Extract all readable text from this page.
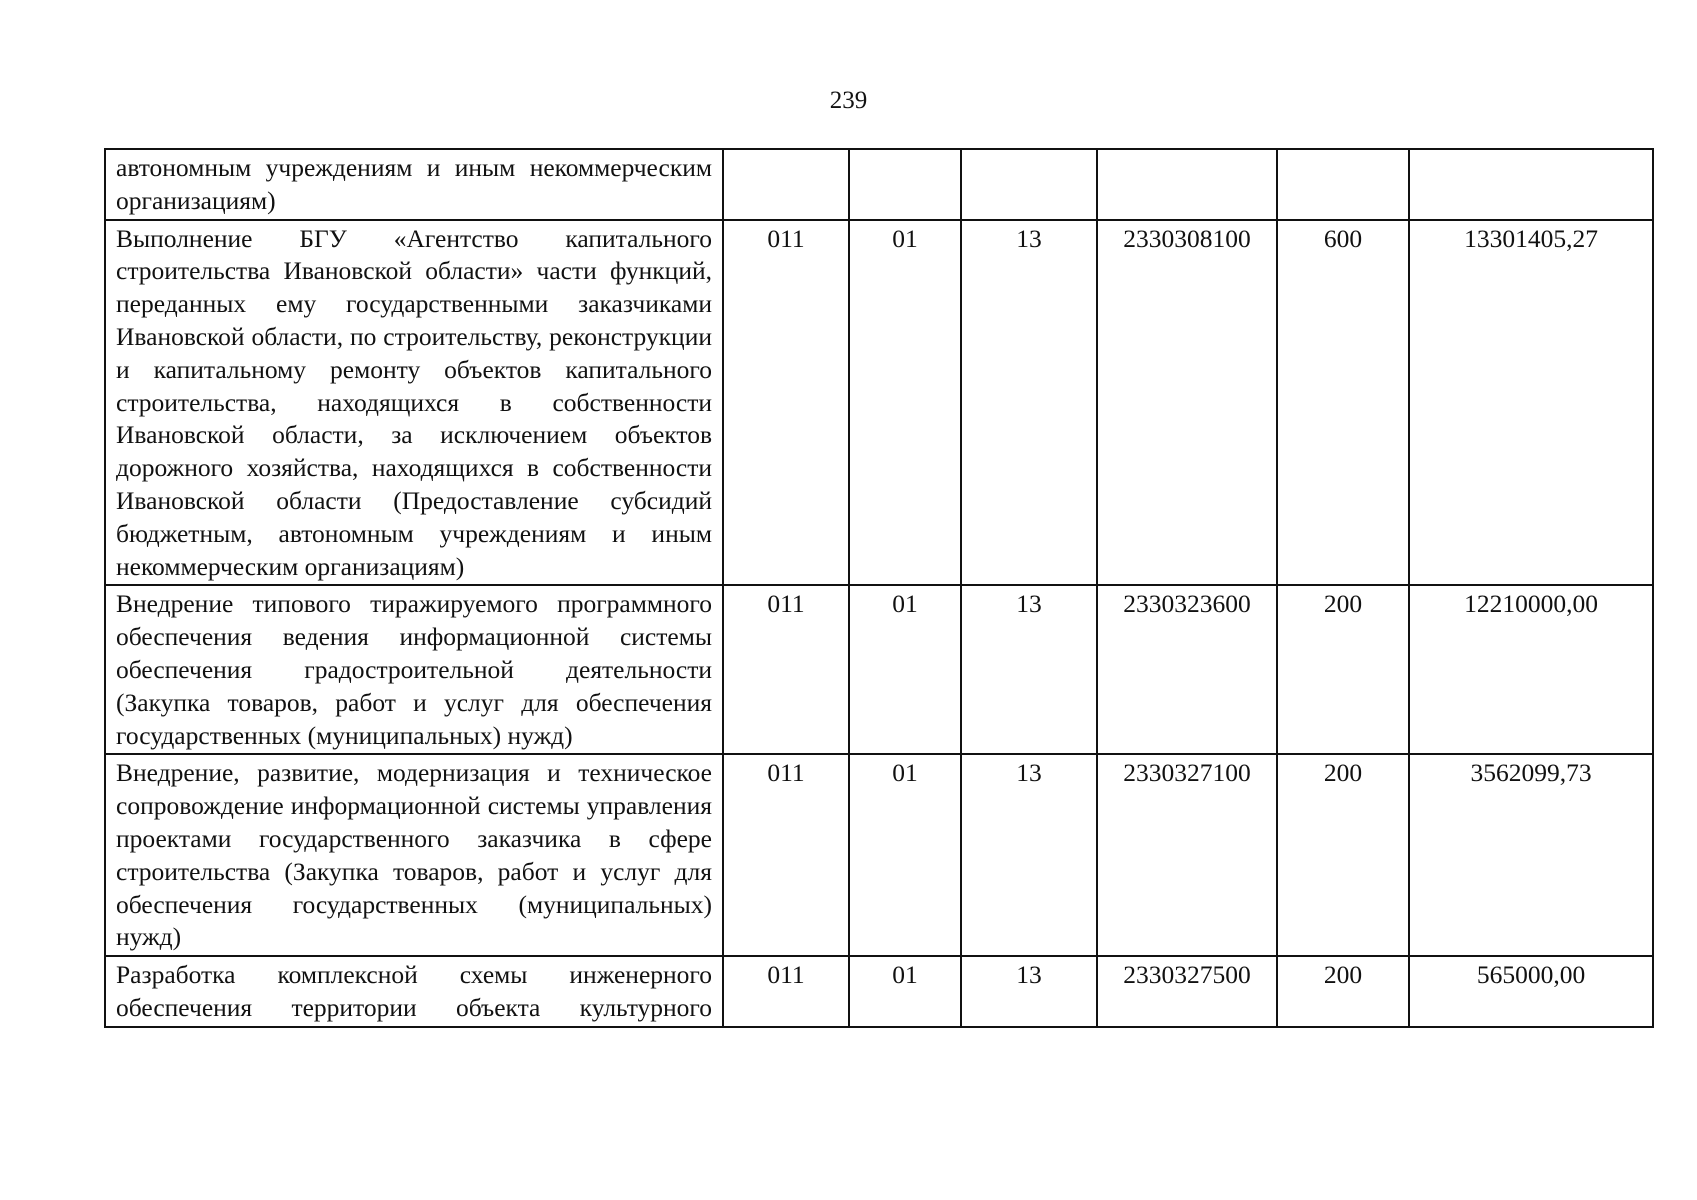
239
автономным учреждениям и иным некоммерческим организациям)						
Выполнение БГУ «Агентство капитального строительства Ивановской области» части функций, переданных ему государственными заказчиками Ивановской области, по строительству, реконструкции и капитальному ремонту объектов капитального строительства, находящихся в собственности Ивановской области, за исключением объектов дорожного хозяйства, находящихся в собственности Ивановской области (Предоставление субсидий бюджетным, автономным учреждениям и иным некоммерческим организациям)	011	01	13	2330308100	600	13301405,27
Внедрение типового тиражируемого программного обеспечения ведения информационной системы обеспечения градостроительной деятельности (Закупка товаров, работ и услуг для обеспечения государственных (муниципальных) нужд)	011	01	13	2330323600	200	12210000,00
Внедрение, развитие, модернизация и техническое сопровождение информационной системы управления проектами государственного заказчика в сфере строительства (Закупка товаров, работ и услуг для обеспечения государственных (муниципальных) нужд)	011	01	13	2330327100	200	3562099,73
Разработка комплексной схемы инженерного обеспечения территории объекта культурного	011	01	13	2330327500	200	565000,00
